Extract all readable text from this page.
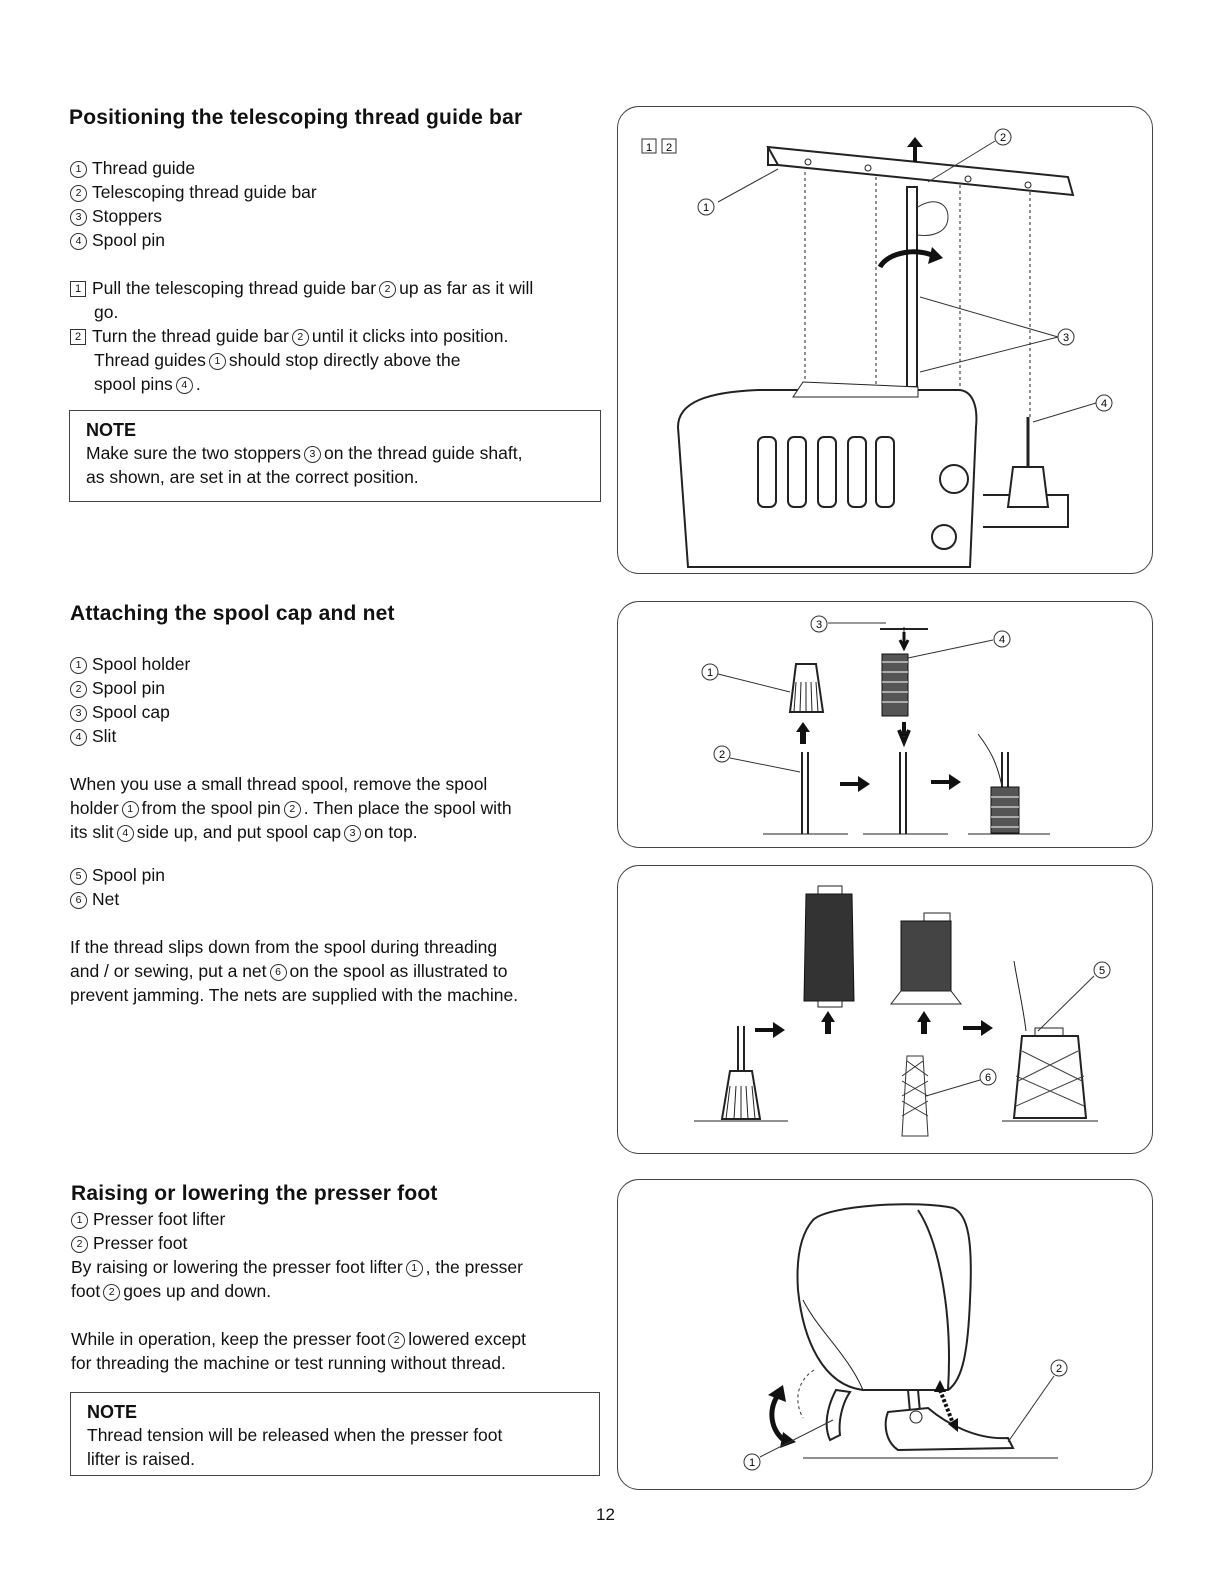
Positioning the telescoping thread guide bar
1 Thread guide
2 Telescoping thread guide bar
3 Stoppers
4 Spool pin
1 Pull the telescoping thread guide bar 2 up as far as it will
go.
2 Turn the thread guide bar 2 until it clicks into position.
Thread guides 1 should stop directly above the
spool pins 4 .
NOTE
Make sure the two stoppers 3 on the thread guide shaft,
as shown, are set in at the correct position.
1 2
1
2
3
4
Attaching the spool cap and net
1 Spool holder
2 Spool pin
3 Spool cap
4 Slit
When you use a small thread spool, remove the spool
holder 1 from the spool pin 2 . Then place the spool with
its slit 4 side up, and put spool cap 3 on top.
5 Spool pin
6 Net
If the thread slips down from the spool during threading
and / or sewing, put a net 6 on the spool as illustrated to
prevent jamming. The nets are supplied with the machine.
1
2
3
4
5
6
Raising or lowering the presser foot
1 Presser foot lifter
2 Presser foot
By raising or lowering the presser foot lifter 1 , the presser
foot 2 goes up and down.
While in operation, keep the presser foot 2 lowered except
for threading the machine or test running without thread.
NOTE
Thread tension will be released when the presser foot
lifter is raised.	1
2
12
